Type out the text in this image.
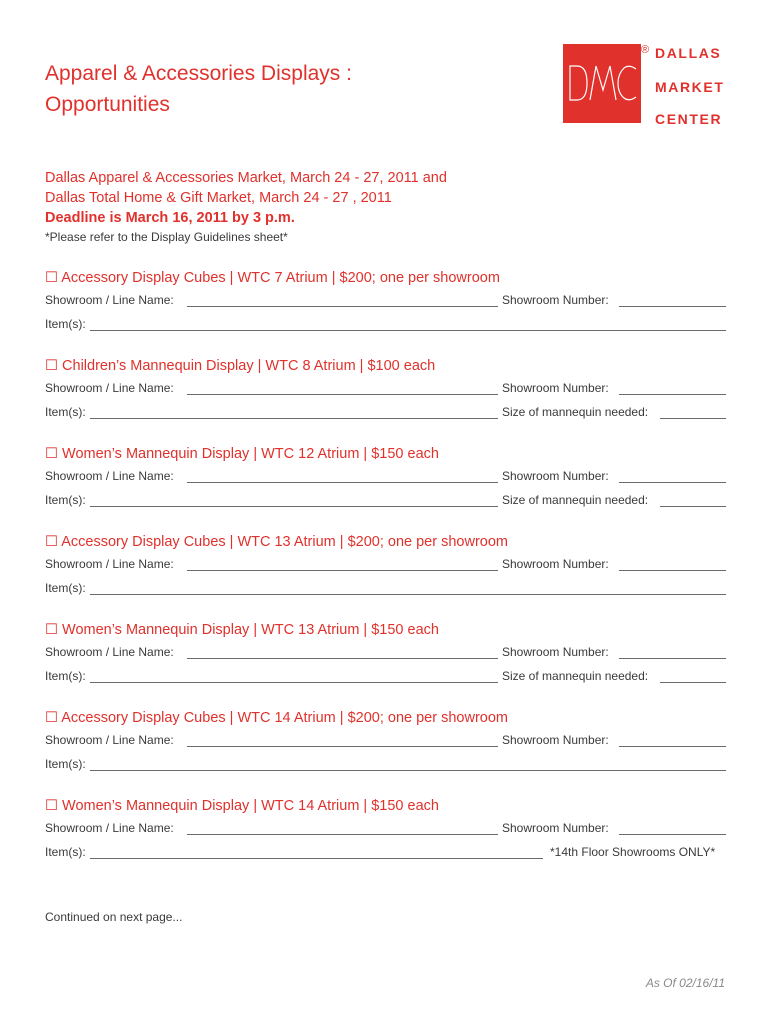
Apparel & Accessories Displays :
Opportunities
® DALLAS
MARKET
CENTER
Dallas Apparel & Accessories Market, March 24 - 27, 2011 and
Dallas Total Home & Gift Market, March 24 - 27 , 2011
Deadline is March 16, 2011 by 3 p.m.
*Please refer to the Display Guidelines sheet*
☐ Accessory Display Cubes | WTC 7 Atrium | $200; one per showroom
Showroom / Line Name:	Showroom Number:
Item(s):
☐ Children’s Mannequin Display | WTC 8 Atrium | $100 each
Showroom / Line Name:	Showroom Number:
Item(s):	Size of mannequin needed:
☐ Women’s Mannequin Display | WTC 12 Atrium | $150 each
Showroom / Line Name:	Showroom Number:
Item(s):	Size of mannequin needed:
☐ Accessory Display Cubes | WTC 13 Atrium | $200; one per showroom
Showroom / Line Name:	Showroom Number:
Item(s):
☐ Women’s Mannequin Display | WTC 13 Atrium | $150 each
Showroom / Line Name:	Showroom Number:
Item(s):	Size of mannequin needed:
☐ Accessory Display Cubes | WTC 14 Atrium | $200; one per showroom
Showroom / Line Name:	Showroom Number:
Item(s):
☐ Women’s Mannequin Display | WTC 14 Atrium | $150 each
Showroom / Line Name:	Showroom Number:
Item(s):	*14th Floor Showrooms ONLY*
Continued on next page...
As Of 02/16/11
